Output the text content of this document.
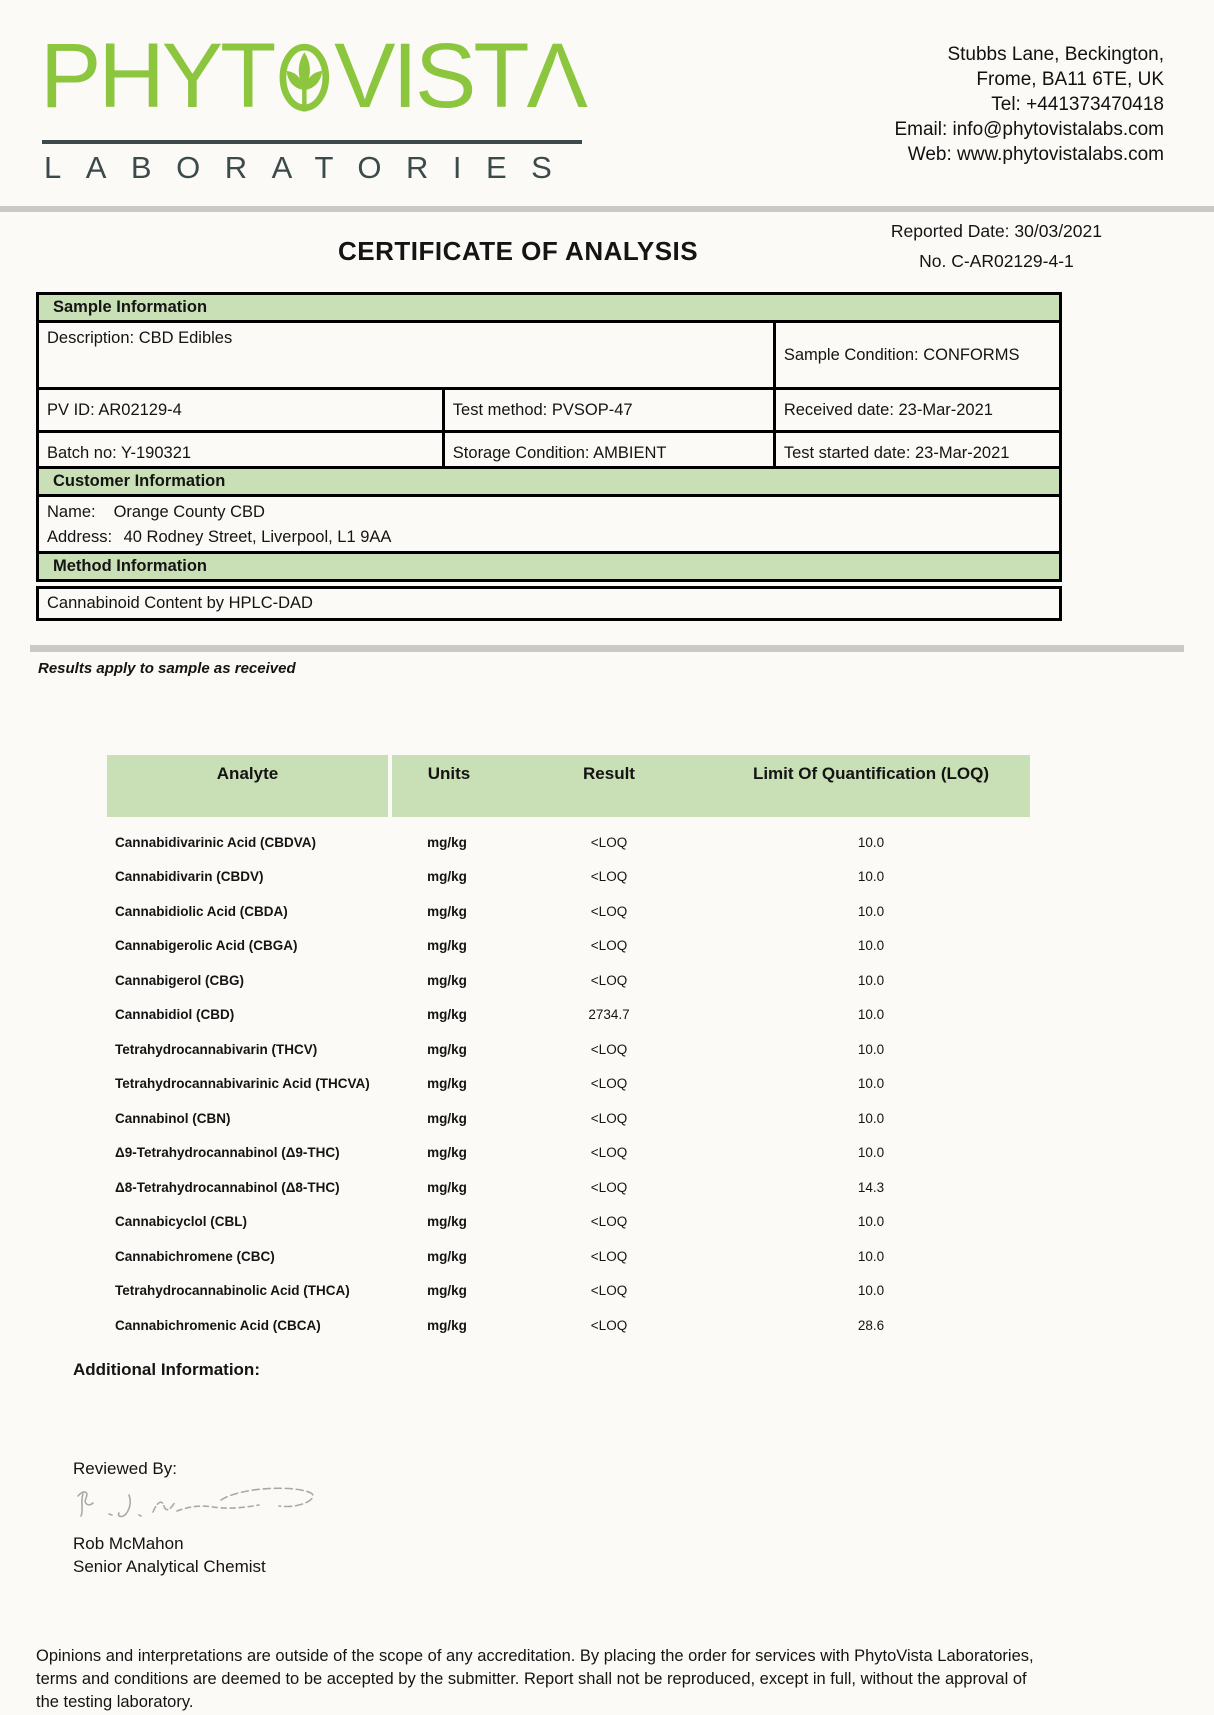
PHYT VISTΛ
LABORATORIES
Stubbs Lane, Beckington,
Frome, BA11 6TE, UK
Tel: +441373470418
Email: info@phytovistalabs.com
Web: www.phytovistalabs.com
Reported Date: 30/03/2021
No. C-AR02129-4-1
CERTIFICATE OF ANALYSIS
Sample Information
Description: CBD Edibles
Sample Condition: CONFORMS
PV ID: AR02129-4	Test method: PVSOP-47	Received date: 23-Mar-2021
Batch no: Y-190321	Storage Condition: AMBIENT	Test started date: 23-Mar-2021
Customer Information
Name: Orange County CBD
Address: 40 Rodney Street, Liverpool, L1 9AA
Method Information
Cannabinoid Content by HPLC-DAD
Results apply to sample as received
Analyte	Units	Result	Limit Of Quantification (LOQ)
Cannabidivarinic Acid (CBDVA)	mg/kg	<LOQ	10.0
Cannabidivarin (CBDV)	mg/kg	<LOQ	10.0
Cannabidiolic Acid (CBDA)	mg/kg	<LOQ	10.0
Cannabigerolic Acid (CBGA)	mg/kg	<LOQ	10.0
Cannabigerol (CBG)	mg/kg	<LOQ	10.0
Cannabidiol (CBD)	mg/kg	2734.7	10.0
Tetrahydrocannabivarin (THCV)	mg/kg	<LOQ	10.0
Tetrahydrocannabivarinic Acid (THCVA)	mg/kg	<LOQ	10.0
Cannabinol (CBN)	mg/kg	<LOQ	10.0
Δ9-Tetrahydrocannabinol (Δ9-THC)	mg/kg	<LOQ	10.0
Δ8-Tetrahydrocannabinol (Δ8-THC)	mg/kg	<LOQ	14.3
Cannabicyclol (CBL)	mg/kg	<LOQ	10.0
Cannabichromene (CBC)	mg/kg	<LOQ	10.0
Tetrahydrocannabinolic Acid (THCA)	mg/kg	<LOQ	10.0
Cannabichromenic Acid (CBCA)	mg/kg	<LOQ	28.6
Additional Information:
Reviewed By:
Rob McMahon
Senior Analytical Chemist
Opinions and interpretations are outside of the scope of any accreditation. By placing the order for services with PhytoVista Laboratories,
terms and conditions are deemed to be accepted by the submitter. Report shall not be reproduced, except in full, without the approval of
the testing laboratory.
